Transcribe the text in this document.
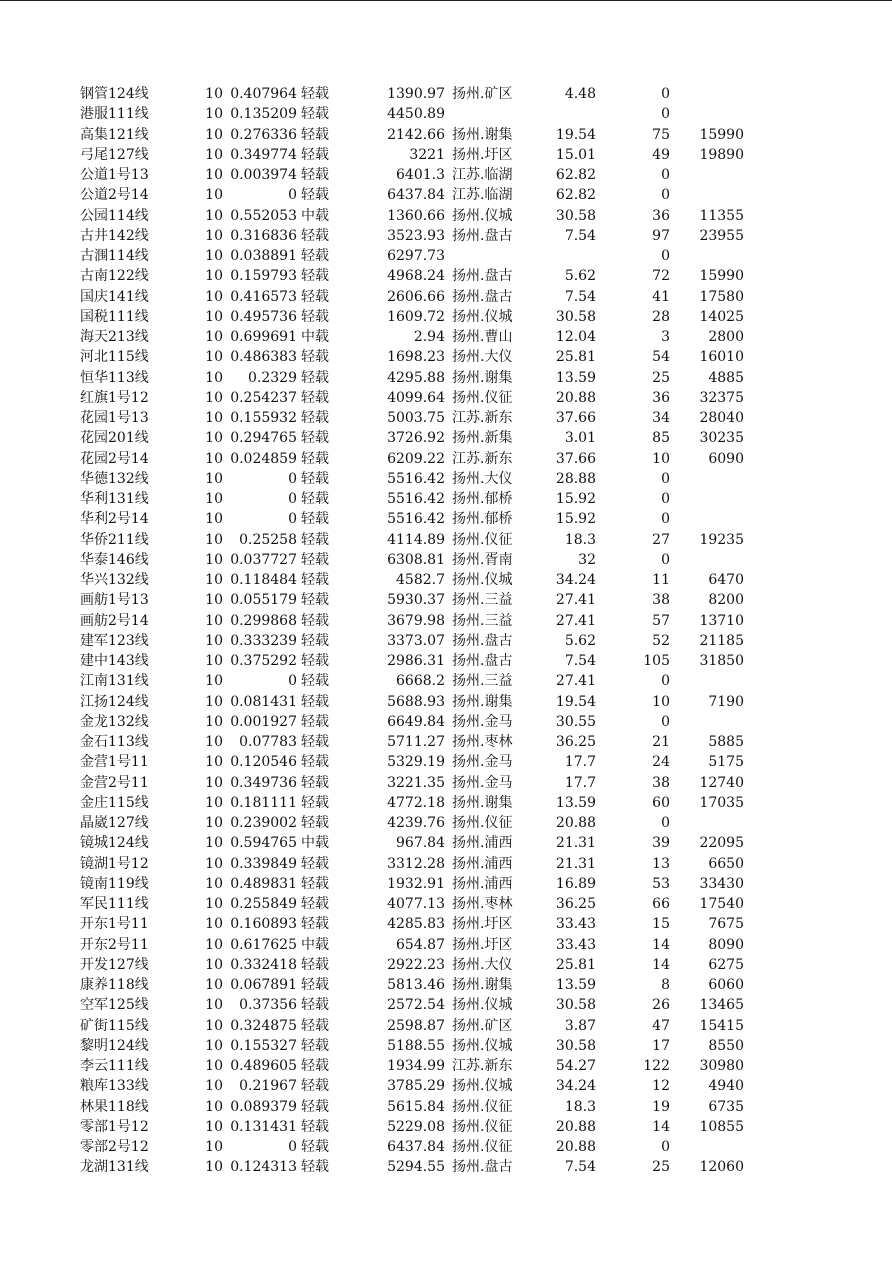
钢管124线	10 0.407964 轻载	1390.97 扬州.矿区	4.48	0
港服111线	10 0.135209 轻载	4450.89	0
高集121线	10 0.276336 轻载	2142.66 扬州.谢集	19.54	75	15990
弓尾127线	10 0.349774 轻载	3221 扬州.圩区	15.01	49	19890
公道1号13	10 0.003974 轻载	6401.3 江苏.临湖	62.82	0
公道2号14	10	0 轻载	6437.84 江苏.临湖	62.82	0
公园114线	10 0.552053 中载	1360.66 扬州.仪城	30.58	36	11355
古井142线	10 0.316836 轻载	3523.93 扬州.盘古	7.54	97	23955
古涠114线	10 0.038891 轻载	6297.73	0
古南122线	10 0.159793 轻载	4968.24 扬州.盘古	5.62	72	15990
国庆141线	10 0.416573 轻载	2606.66 扬州.盘古	7.54	41	17580
国税111线	10 0.495736 轻载	1609.72 扬州.仪城	30.58	28	14025
海天213线	10 0.699691 中载	2.94 扬州.曹山	12.04	3	2800
河北115线	10 0.486383 轻载	1698.23 扬州.大仪	25.81	54	16010
恒华113线	10	0.2329 轻载	4295.88 扬州.谢集	13.59	25	4885
红旗1号12	10 0.254237 轻载	4099.64 扬州.仪征	20.88	36	32375
花园1号13	10 0.155932 轻载	5003.75 江苏.新东	37.66	34	28040
花园201线	10 0.294765 轻载	3726.92 扬州.新集	3.01	85	30235
花园2号14	10 0.024859 轻载	6209.22 江苏.新东	37.66	10	6090
华德132线	10	0 轻载	5516.42 扬州.大仪	28.88	0
华利131线	10	0 轻载	5516.42 扬州.郁桥	15.92	0
华利2号14	10	0 轻载	5516.42 扬州.郁桥	15.92	0
华侨211线	10	0.25258 轻载	4114.89 扬州.仪征	18.3	27	19235
华泰146线	10 0.037727 轻载	6308.81 扬州.胥南	32	0
华兴132线	10 0.118484 轻载	4582.7 扬州.仪城	34.24	11	6470
画舫1号13	10 0.055179 轻载	5930.37 扬州.三益	27.41	38	8200
画舫2号14	10 0.299868 轻载	3679.98 扬州.三益	27.41	57	13710
建军123线	10 0.333239 轻载	3373.07 扬州.盘古	5.62	52	21185
建中143线	10 0.375292 轻载	2986.31 扬州.盘古	7.54	105	31850
江南131线	10	0 轻载	6668.2 扬州.三益	27.41	0
江扬124线	10 0.081431 轻载	5688.93 扬州.谢集	19.54	10	7190
金龙132线	10 0.001927 轻载	6649.84 扬州.金马	30.55	0
金石113线	10	0.07783 轻载	5711.27 扬州.枣林	36.25	21	5885
金营1号11	10 0.120546 轻载	5329.19 扬州.金马	17.7	24	5175
金营2号11	10 0.349736 轻载	3221.35 扬州.金马	17.7	38	12740
金庄115线	10 0.181111 轻载	4772.18 扬州.谢集	13.59	60	17035
晶崴127线	10 0.239002 轻载	4239.76 扬州.仪征	20.88	0
镜城124线	10 0.594765 中载	967.84 扬州.浦西	21.31	39	22095
镜湖1号12	10 0.339849 轻载	3312.28 扬州.浦西	21.31	13	6650
镜南119线	10 0.489831 轻载	1932.91 扬州.浦西	16.89	53	33430
军民111线	10 0.255849 轻载	4077.13 扬州.枣林	36.25	66	17540
开东1号11	10 0.160893 轻载	4285.83 扬州.圩区	33.43	15	7675
开东2号11	10 0.617625 中载	654.87 扬州.圩区	33.43	14	8090
开发127线	10 0.332418 轻载	2922.23 扬州.大仪	25.81	14	6275
康养118线	10 0.067891 轻载	5813.46 扬州.谢集	13.59	8	6060
空军125线	10	0.37356 轻载	2572.54 扬州.仪城	30.58	26	13465
矿街115线	10 0.324875 轻载	2598.87 扬州.矿区	3.87	47	15415
黎明124线	10 0.155327 轻载	5188.55 扬州.仪城	30.58	17	8550
李云111线	10 0.489605 轻载	1934.99 江苏.新东	54.27	122	30980
粮库133线	10	0.21967 轻载	3785.29 扬州.仪城	34.24	12	4940
林果118线	10 0.089379 轻载	5615.84 扬州.仪征	18.3	19	6735
零部1号12	10 0.131431 轻载	5229.08 扬州.仪征	20.88	14	10855
零部2号12	10	0 轻载	6437.84 扬州.仪征	20.88	0
龙湖131线	10 0.124313 轻载	5294.55 扬州.盘古	7.54	25	12060
